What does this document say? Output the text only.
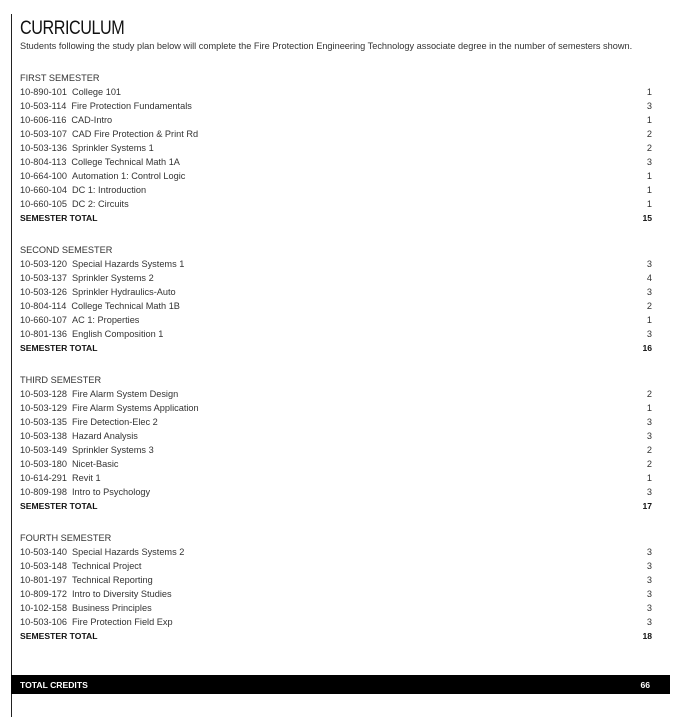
CURRICULUM

Students following the study plan below will complete the Fire Protection Engineering Technology associate degree in the number of semesters shown.

FIRST SEMESTER
10-890-101 College 101	1
10-503-114 Fire Protection Fundamentals	3
10-606-116 CAD-Intro	1
10-503-107 CAD Fire Protection & Print Rd	2
10-503-136 Sprinkler Systems 1	2
10-804-113 College Technical Math 1A	3
10-664-100 Automation 1: Control Logic	1
10-660-104 DC 1: Introduction	1
10-660-105 DC 2: Circuits	1
SEMESTER TOTAL	15
SECOND SEMESTER
10-503-120 Special Hazards Systems 1	3
10-503-137 Sprinkler Systems 2	4
10-503-126 Sprinkler Hydraulics-Auto	3
10-804-114 College Technical Math 1B	2
10-660-107 AC 1: Properties	1
10-801-136 English Composition 1	3
SEMESTER TOTAL	16
THIRD SEMESTER
10-503-128 Fire Alarm System Design	2
10-503-129 Fire Alarm Systems Application	1
10-503-135 Fire Detection-Elec 2	3
10-503-138 Hazard Analysis	3
10-503-149 Sprinkler Systems 3	2
10-503-180 Nicet-Basic	2
10-614-291 Revit 1	1
10-809-198 Intro to Psychology	3
SEMESTER TOTAL	17
FOURTH SEMESTER
10-503-140 Special Hazards Systems 2	3
10-503-148 Technical Project	3
10-801-197 Technical Reporting	3
10-809-172 Intro to Diversity Studies	3
10-102-158 Business Principles	3
10-503-106 Fire Protection Field Exp	3
SEMESTER TOTAL	18
TOTAL CREDITS	66
